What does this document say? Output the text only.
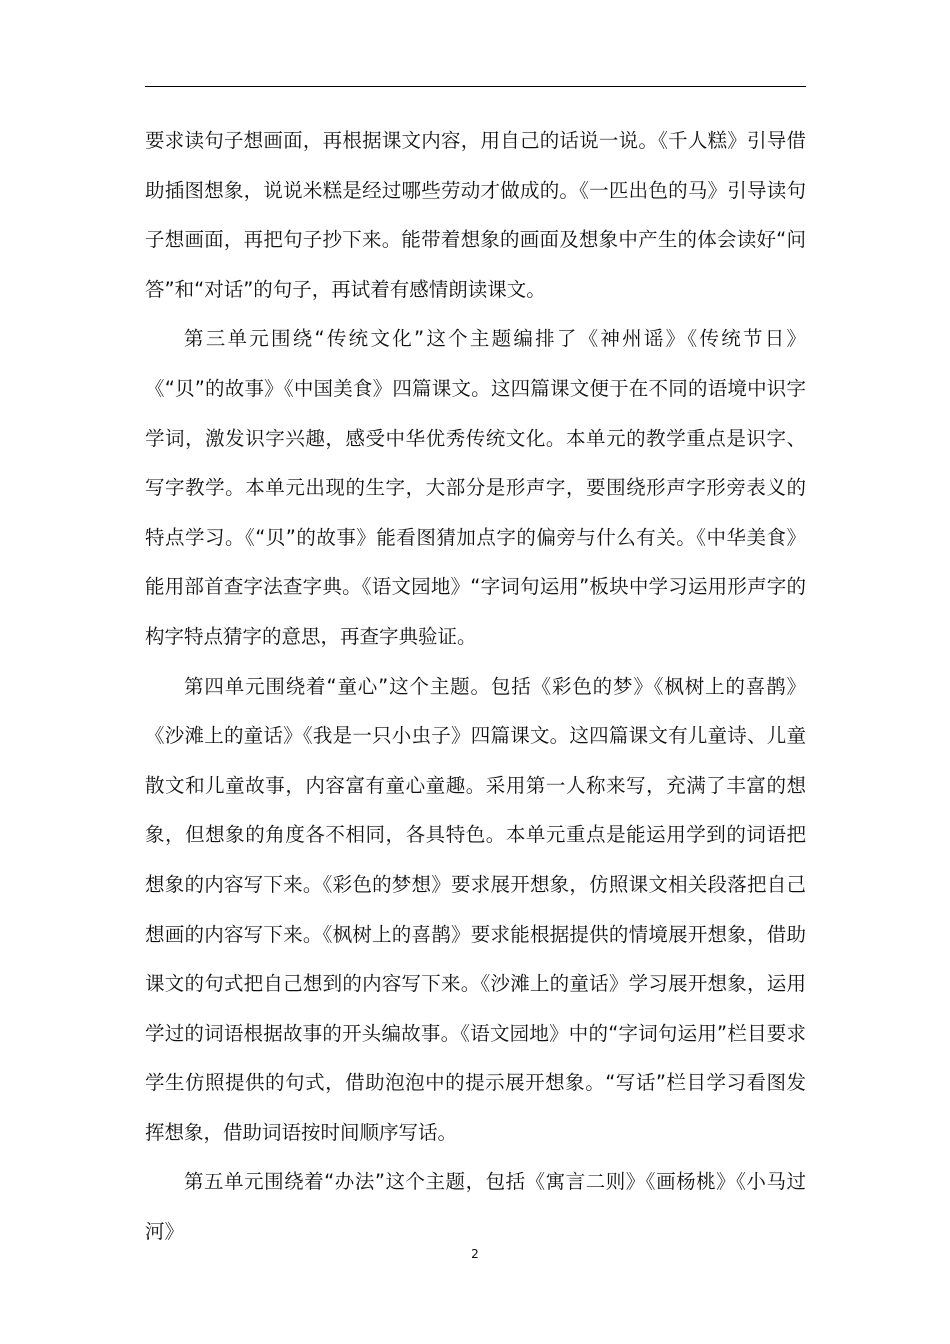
要求读句子想画面，再根据课文内容，用自己的话说一说。《千人糕》引导借助插图想象，说说米糕是经过哪些劳动才做成的。《一匹出色的马》引导读句子想画面，再把句子抄下来。能带着想象的画面及想象中产生的体会读好“问答”和“对话”的句子，再试着有感情朗读课文。

第三单元围绕“传统文化”这个主题编排了《神州谣》《传统节日》《“贝”的故事》《中国美食》四篇课文。这四篇课文便于在不同的语境中识字学词，激发识字兴趣，感受中华优秀传统文化。本单元的教学重点是识字、写字教学。本单元出现的生字，大部分是形声字，要围绕形声字形旁表义的特点学习。《“贝”的故事》能看图猜加点字的偏旁与什么有关。《中华美食》能用部首查字法查字典。《语文园地》“字词句运用”板块中学习运用形声字的构字特点猜字的意思，再查字典验证。

第四单元围绕着“童心”这个主题。包括《彩色的梦》《枫树上的喜鹊》《沙滩上的童话》《我是一只小虫子》四篇课文。这四篇课文有儿童诗、儿童散文和儿童故事，内容富有童心童趣。采用第一人称来写，充满了丰富的想象，但想象的角度各不相同，各具特色。本单元重点是能运用学到的词语把想象的内容写下来。《彩色的梦想》要求展开想象，仿照课文相关段落把自己想画的内容写下来。《枫树上的喜鹊》要求能根据提供的情境展开想象，借助课文的句式把自己想到的内容写下来。《沙滩上的童话》学习展开想象，运用学过的词语根据故事的开头编故事。《语文园地》中的“字词句运用”栏目要求学生仿照提供的句式，借助泡泡中的提示展开想象。“写话”栏目学习看图发挥想象，借助词语按时间顺序写话。

第五单元围绕着“办法”这个主题，包括《寓言二则》《画杨桃》《小马过河》

2
